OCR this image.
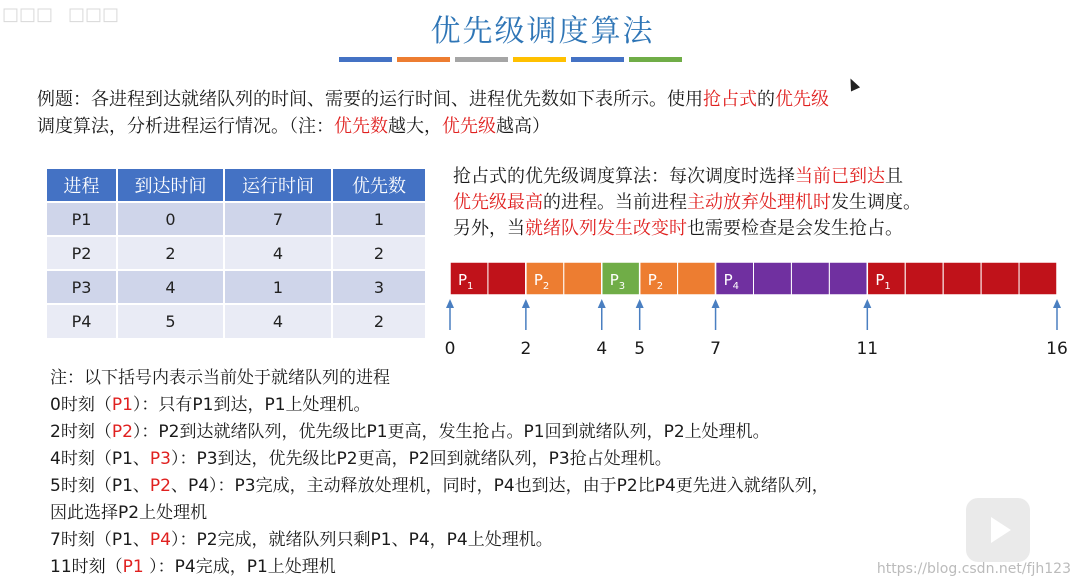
□□□ □□□	优先级调度算法
例题：各进程到达就绪队列的时间、需要的运行时间、进程优先数如下表所示。使用抢占式的优先级
调度算法，分析进程运行情况。（注：优先数越大，优先级越高）
进程	到达时间	运行时间	优先数
P1	0	7	1
P2	2	4	2
P3	4	1	3
P4	5	4	2
抢占式的优先级调度算法：每次调度时选择当前已到达且
优先级最高的进程。当前进程主动放弃处理机时发生调度。
另外，当就绪队列发生改变时也需要检查是会发生抢占。
$P_1$	$P_2$	$P_3$ $P_2$	$P_4$	$P_1$
0	2	4 5	7	11	16
注：以下括号内表示当前处于就绪队列的进程
0时刻（P1）：只有P1到达，P1上处理机。
2时刻（P2）：P2到达就绪队列，优先级比P1更高，发生抢占。P1回到就绪队列，P2上处理机。
4时刻（P1、P3）：P3到达，优先级比P2更高，P2回到就绪队列，P3抢占处理机。
5时刻（P1、P2、P4）：P3完成，主动释放处理机，同时，P4也到达，由于P2比P4更先进入就绪队列，
因此选择P2上处理机
7时刻（P1、P4）：P2完成，就绪队列只剩P1、P4，P4上处理机。
11时刻（P1 ）：P4完成，P1上处理机	https://blog.csdn.net/fjh123
